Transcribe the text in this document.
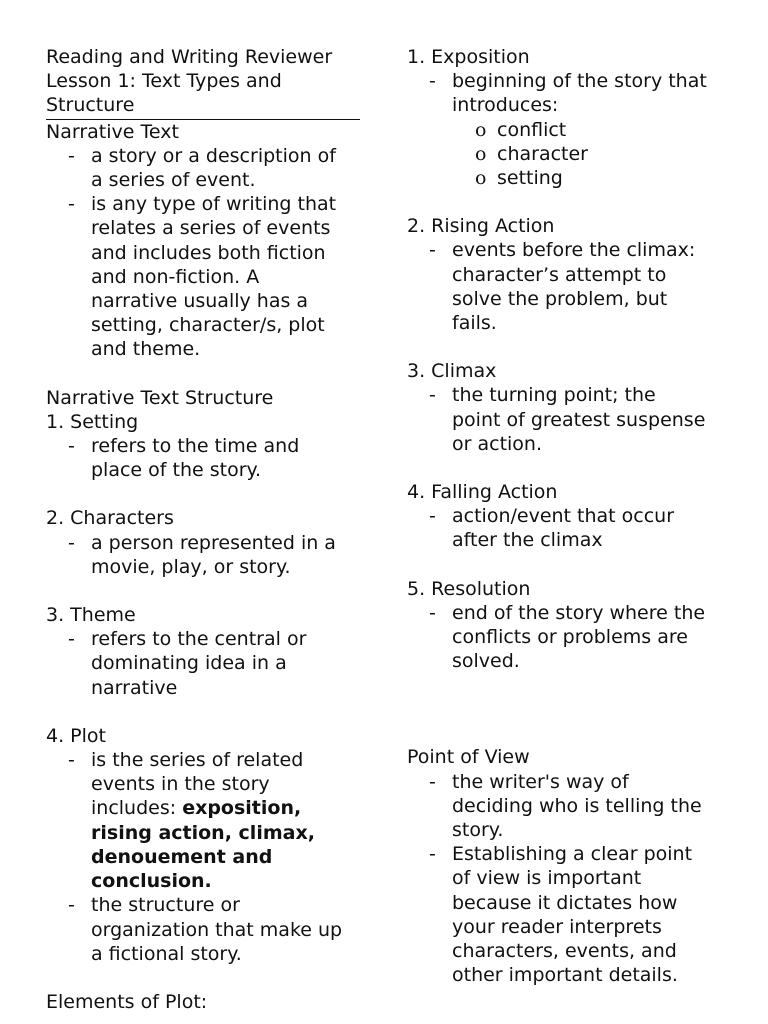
Reading and Writing Reviewer
Lesson 1: Text Types and
Structure
Narrative Text
- a story or a description of
a series of event.
- is any type of writing that
relates a series of events
and includes both fiction
and non-fiction. A
narrative usually has a
setting, character/s, plot
and theme.
Narrative Text Structure
1. Setting
- refers to the time and
place of the story.
2. Characters
- a person represented in a
movie, play, or story.
3. Theme
- refers to the central or
dominating idea in a
narrative
4. Plot
- is the series of related
events in the story
includes: exposition,
rising action, climax,
denouement and
conclusion.
- the structure or
organization that make up
a fictional story.
Elements of Plot:
1. Exposition
- beginning of the story that
introduces:
o conflict
o character
o setting
2. Rising Action
- events before the climax:
character’s attempt to
solve the problem, but
fails.
3. Climax
- the turning point; the
point of greatest suspense
or action.
4. Falling Action
- action/event that occur
after the climax
5. Resolution
- end of the story where the
conflicts or problems are
solved.
Point of View
- the writer's way of
deciding who is telling the
story.
- Establishing a clear point
of view is important
because it dictates how
your reader interprets
characters, events, and
other important details.
